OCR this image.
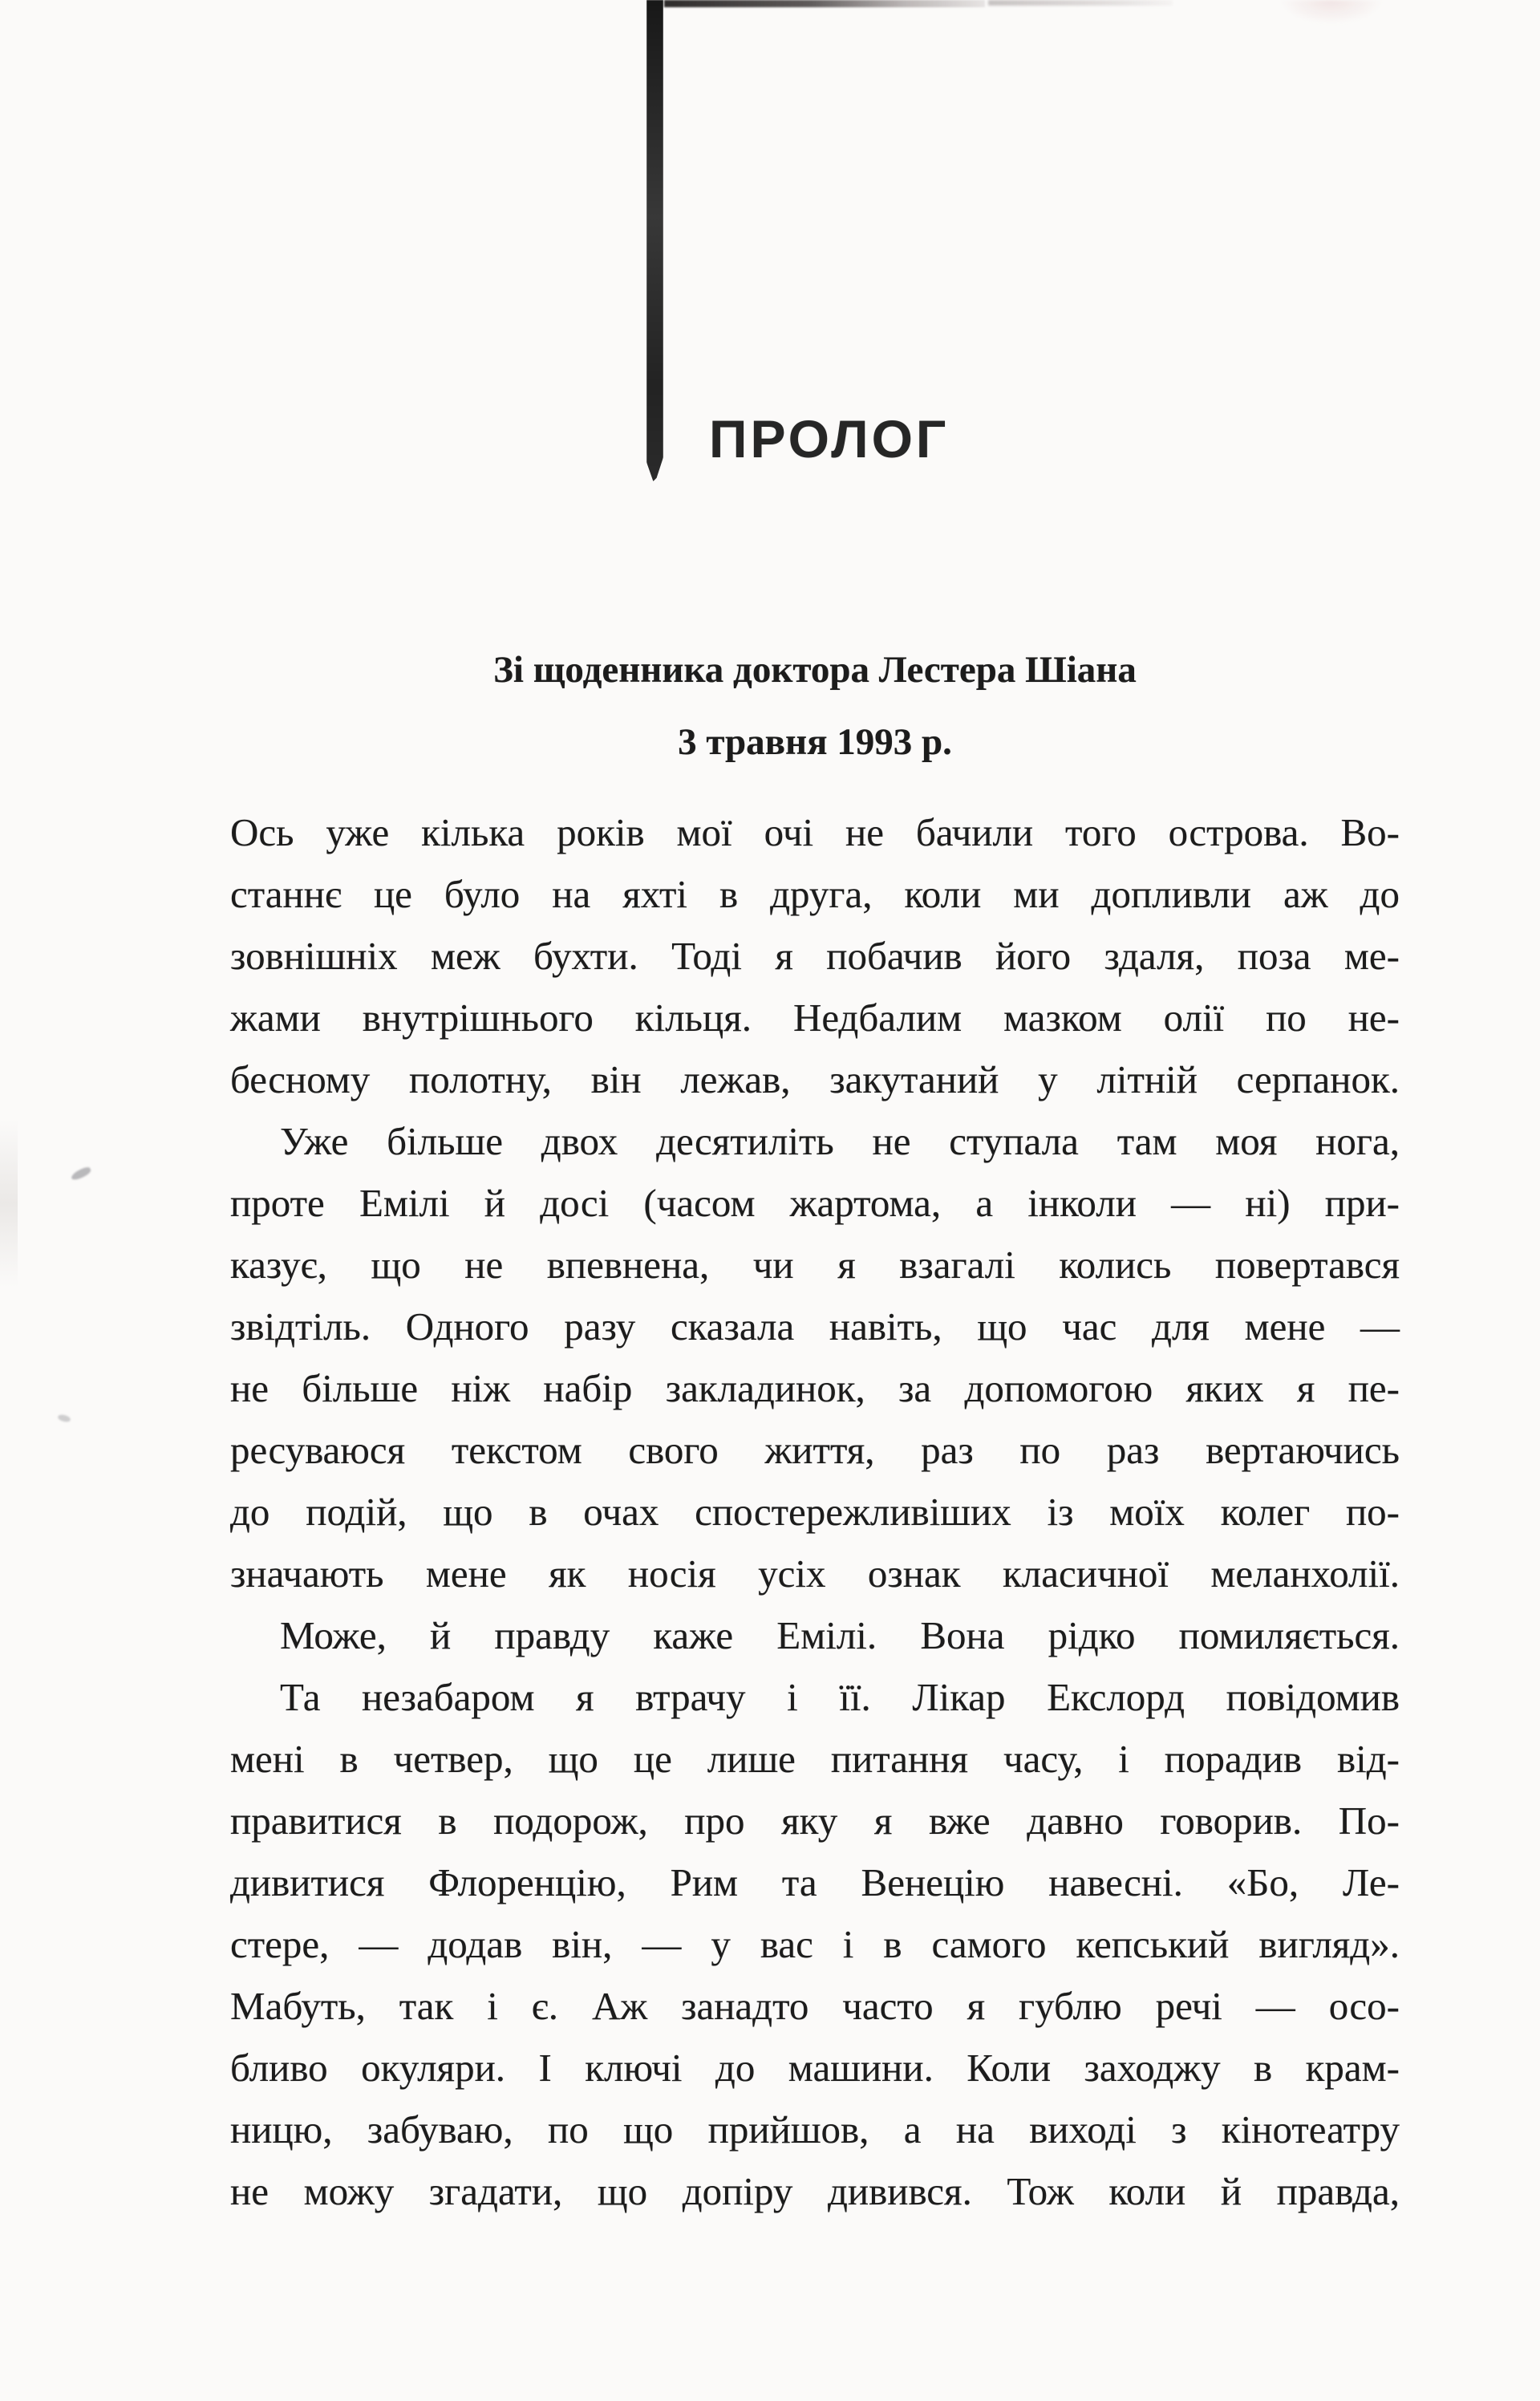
ПРОЛОГ
Зі щоденника доктора Лестера Шіана
3 травня 1993 р.
Ось уже кілька років мої очі не бачили того острова. Во-
станнє це було на яхті в друга, коли ми допливли аж до
зовнішніх меж бухти. Тоді я побачив його здаля, поза ме-
жами внутрішнього кільця. Недбалим мазком олії по не-
бесному полотну, він лежав, закутаний у літній серпанок.
Уже більше двох десятиліть не ступала там моя нога,
проте Емілі й досі (часом жартома, а інколи — ні) при-
казує, що не впевнена, чи я взагалі колись повертався
звідтіль. Одного разу сказала навіть, що час для мене —
не більше ніж набір закладинок, за допомогою яких я пе-
ресуваюся текстом свого життя, раз по раз вертаючись
до подій, що в очах спостережливіших із моїх колег по-
значають мене як носія усіх ознак класичної меланхолії.
Може, й правду каже Емілі. Вона рідко помиляється.
Та незабаром я втрачу і її. Лікар Екслорд повідомив
мені в четвер, що це лише питання часу, і порадив від-
правитися в подорож, про яку я вже давно говорив. По-
дивитися Флоренцію, Рим та Венецію навесні. «Бо, Ле-
стере, — додав він, — у вас і в самого кепський вигляд».
Мабуть, так і є. Аж занадто часто я гублю речі — осо-
бливо окуляри. І ключі до машини. Коли заходжу в крам-
ницю, забуваю, по що прийшов, а на виході з кінотеатру
не можу згадати, що допіру дивився. Тож коли й правда,
